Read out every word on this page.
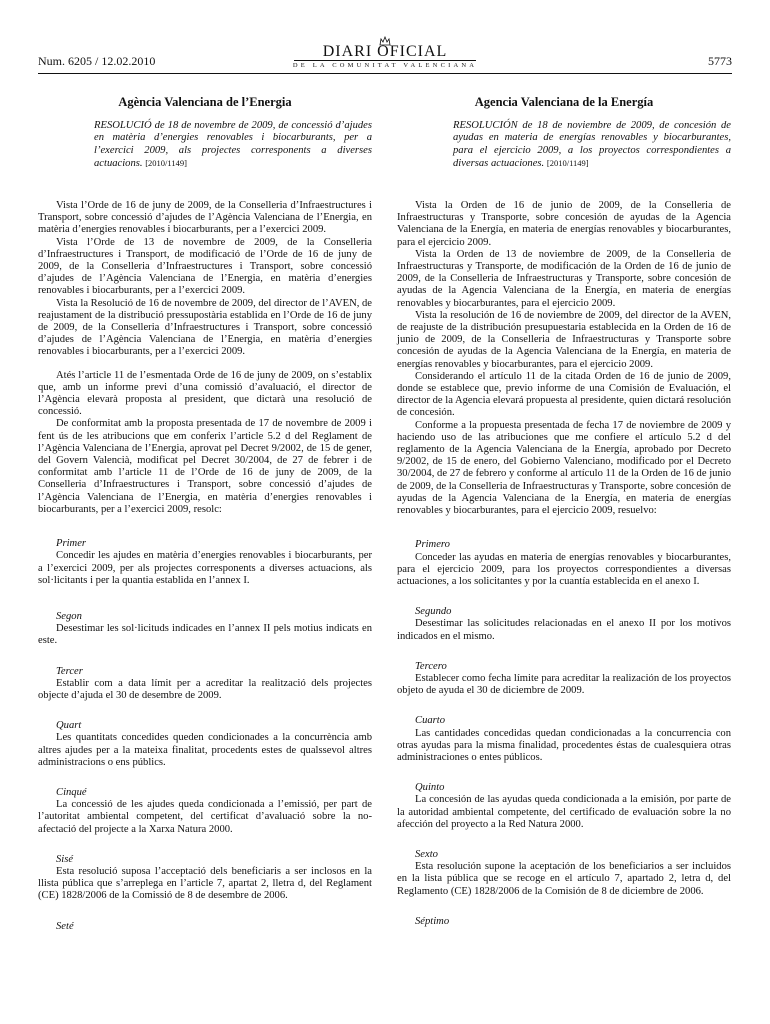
Num. 6205 / 12.02.2010
DIARI OFICIAL
DE LA COMUNITAT VALENCIANA	5773
Agència Valenciana de l’Energia
RESOLUCIÓ de 18 de novembre de 2009, de concessió d’ajudes en matèria d’energies renovables i biocarburants, per a l’exercici 2009, als projectes corresponents a diverses actuacions. [2010/1149]

Vista l’Orde de 16 de juny de 2009, de la Conselleria d’Infraestructures i Transport, sobre concessió d’ajudes de l’Agència Valenciana de l’Energia, en matèria d’energies renovables i biocarburants, per a l’exercici 2009.

Vista l’Orde de 13 de novembre de 2009, de la Conselleria d’Infraestructures i Transport, de modificació de l’Orde de 16 de juny de 2009, de la Conselleria d’Infraestructures i Transport, sobre concessió d’ajudes de l’Agència Valenciana de l’Energia, en matèria d’energies renovables i biocarburants, per a l’exercici 2009.

Vista la Resolució de 16 de novembre de 2009, del director de l’AVEN, de reajustament de la distribució pressupostària establida en l’Orde de 16 de juny de 2009, de la Conselleria d’Infraestructures i Transport, sobre concessió d’ajudes de l’Agència Valenciana de l’Energia, en matèria d’energies renovables i biocarburants, per a l’exercici 2009.

Atés l’article 11 de l’esmentada Orde de 16 de juny de 2009, on s’establix que, amb un informe previ d’una comissió d’avaluació, el director de l’Agència elevarà proposta al president, que dictarà una resolució de concessió.

De conformitat amb la proposta presentada de 17 de novembre de 2009 i fent ús de les atribucions que em conferix l’article 5.2 d del Reglament de l’Agència Valenciana de l’Energia, aprovat pel Decret 9/2002, de 15 de gener, del Govern Valencià, modificat pel Decret 30/2004, de 27 de febrer i de conformitat amb l’article 11 de l’Orde de 16 de juny de 2009, de la Conselleria d’Infraestructures i Transport, sobre concessió d’ajudes de l’Agència Valenciana de l’Energia, en matèria d’energies renovables i biocarburants, per a l’exercici 2009, resolc:

Primer

Concedir les ajudes en matèria d’energies renovables i biocarburants, per a l’exercici 2009, per als projectes corresponents a diverses actuacions, als sol·licitants i per la quantia establida en l’annex I.

Segon

Desestimar les sol·licituds indicades en l’annex II pels motius indicats en este.

Tercer

Establir com a data límit per a acreditar la realització dels projectes objecte d’ajuda el 30 de desembre de 2009.

Quart

Les quantitats concedides queden condicionades a la concurrència amb altres ajudes per a la mateixa finalitat, procedents estes de qualssevol altres administracions o ens públics.

Cinqué

La concessió de les ajudes queda condicionada a l’emissió, per part de l’autoritat ambiental competent, del certificat d’avaluació sobre la no-afectació del projecte a la Xarxa Natura 2000.

Sisé

Esta resolució suposa l’acceptació dels beneficiaris a ser inclosos en la llista pública que s’arreplega en l’article 7, apartat 2, lletra d, del Reglament (CE) 1828/2006 de la Comissió de 8 de desembre de 2006.

Seté

Agencia Valenciana de la Energía
RESOLUCIÓN de 18 de noviembre de 2009, de concesión de ayudas en materia de energías renovables y biocarburantes, para el ejercicio 2009, a los proyectos correspondientes a diversas actuaciones. [2010/1149]

Vista la Orden de 16 de junio de 2009, de la Conselleria de Infraestructuras y Transporte, sobre concesión de ayudas de la Agencia Valenciana de la Energía, en materia de energías renovables y biocarburantes, para el ejercicio 2009.

Vista la Orden de 13 de noviembre de 2009, de la Conselleria de Infraestructuras y Transporte, de modificación de la Orden de 16 de junio de 2009, de la Conselleria de Infraestructuras y Transporte, sobre concesión de ayudas de la Agencia Valenciana de la Energía, en materia de energías renovables y biocarburantes, para el ejercicio 2009.

Vista la resolución de 16 de noviembre de 2009, del director de la AVEN, de reajuste de la distribución presupuestaria establecida en la Orden de 16 de junio de 2009, de la Conselleria de Infraestructuras y Transporte sobre concesión de ayudas de la Agencia Valenciana de la Energía, en materia de energías renovables y biocarburantes, para el ejercicio 2009.

Considerando el artículo 11 de la citada Orden de 16 de junio de 2009, donde se establece que, previo informe de una Comisión de Evaluación, el director de la Agencia elevará propuesta al presidente, quien dictará resolución de concesión.

Conforme a la propuesta presentada de fecha 17 de noviembre de 2009 y haciendo uso de las atribuciones que me confiere el artículo 5.2 d del reglamento de la Agencia Valenciana de la Energía, aprobado por Decreto 9/2002, de 15 de enero, del Gobierno Valenciano, modificado por el Decreto 30/2004, de 27 de febrero y conforme al artículo 11 de la Orden de 16 de junio de 2009, de la Conselleria de Infraestructuras y Transporte, sobre concesión de ayudas de la Agencia Valenciana de la Energía, en materia de energías renovables y biocarburantes, para el ejercicio 2009, resuelvo:

Primero

Conceder las ayudas en materia de energías renovables y biocarburantes, para el ejercicio 2009, para los proyectos correspondientes a diversas actuaciones, a los solicitantes y por la cuantía establecida en el anexo I.

Segundo

Desestimar las solicitudes relacionadas en el anexo II por los motivos indicados en el mismo.

Tercero

Establecer como fecha límite para acreditar la realización de los proyectos objeto de ayuda el 30 de diciembre de 2009.

Cuarto

Las cantidades concedidas quedan condicionadas a la concurrencia con otras ayudas para la misma finalidad, procedentes éstas de cualesquiera otras administraciones o entes públicos.

Quinto

La concesión de las ayudas queda condicionada a la emisión, por parte de la autoridad ambiental competente, del certificado de evaluación sobre la no afección del proyecto a la Red Natura 2000.

Sexto

Esta resolución supone la aceptación de los beneficiarios a ser incluidos en la lista pública que se recoge en el artículo 7, apartado 2, letra d, del Reglamento (CE) 1828/2006 de la Comisión de 8 de diciembre de 2006.

Séptimo
